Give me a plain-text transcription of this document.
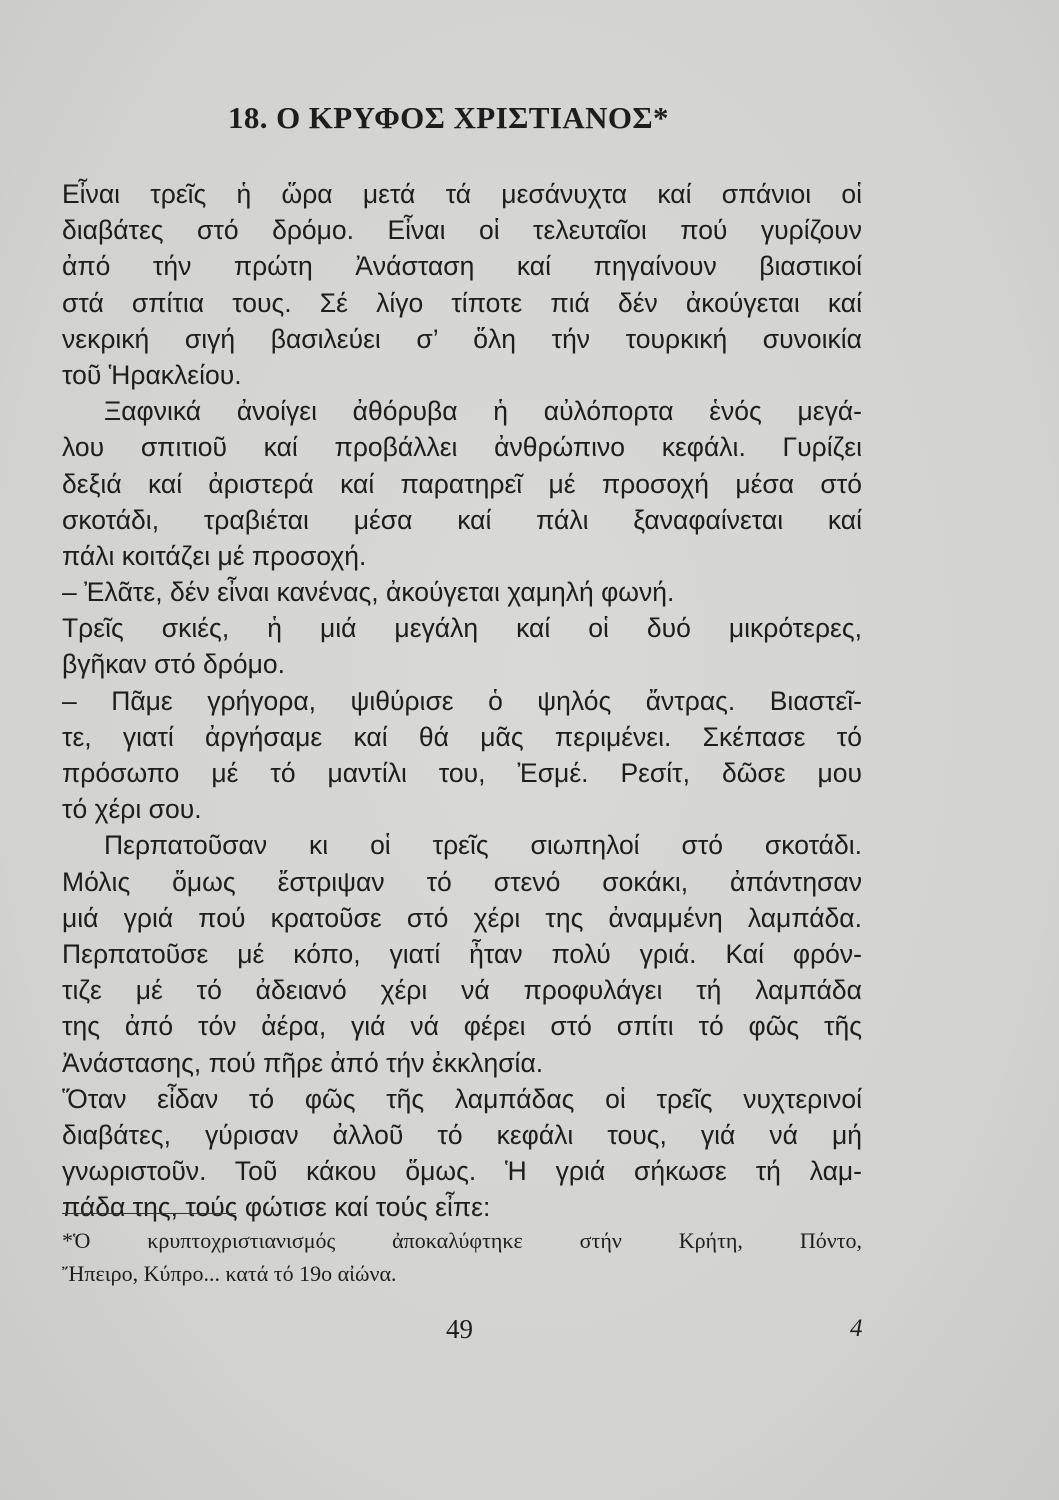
18. Ο ΚΡΥΦΟΣ ΧΡΙΣΤΙΑΝΟΣ*
Εἶναι τρεῖς ἡ ὥρα μετά τά μεσάνυχτα καί σπάνιοι οἱ
διαβάτες στό δρόμο. Εἶναι οἱ τελευταῖοι πού γυρίζουν
ἀπό τήν πρώτη Ἀνάσταση καί πηγαίνουν βιαστικοί
στά σπίτια τους. Σέ λίγο τίποτε πιά δέν ἀκούγεται καί
νεκρική σιγή βασιλεύει σ’ ὅλη τήν τουρκική συνοικία
τοῦ Ἡρακλείου.
Ξαφνικά ἀνοίγει ἀθόρυβα ἡ αὐλόπορτα ἑνός μεγά-
λου σπιτιοῦ καί προβάλλει ἀνθρώπινο κεφάλι. Γυρίζει
δεξιά καί ἀριστερά καί παρατηρεῖ μέ προσοχή μέσα στό
σκοτάδι, τραβιέται μέσα καί πάλι ξαναφαίνεται καί
πάλι κοιτάζει μέ προσοχή.
– Ἐλᾶτε, δέν εἶναι κανένας, ἀκούγεται χαμηλή φωνή.
Τρεῖς σκιές, ἡ μιά μεγάλη καί οἱ δυό μικρότερες,
βγῆκαν στό δρόμο.
– Πᾶμε γρήγορα, ψιθύρισε ὁ ψηλός ἄντρας. Βιαστεῖ-
τε, γιατί ἀργήσαμε καί θά μᾶς περιμένει. Σκέπασε τό
πρόσωπο μέ τό μαντίλι του, Ἐσμέ. Ρεσίτ, δῶσε μου
τό χέρι σου.
Περπατοῦσαν κι οἱ τρεῖς σιωπηλοί στό σκοτάδι.
Μόλις ὅμως ἔστριψαν τό στενό σοκάκι, ἀπάντησαν
μιά γριά πού κρατοῦσε στό χέρι της ἀναμμένη λαμπάδα.
Περπατοῦσε μέ κόπο, γιατί ἦταν πολύ γριά. Καί φρόν-
τιζε μέ τό ἀδειανό χέρι νά προφυλάγει τή λαμπάδα
της ἀπό τόν ἀέρα, γιά νά φέρει στό σπίτι τό φῶς τῆς
Ἀνάστασης, πού πῆρε ἀπό τήν ἐκκλησία.
Ὅταν εἶδαν τό φῶς τῆς λαμπάδας οἱ τρεῖς νυχτερινοί
διαβάτες, γύρισαν ἀλλοῦ τό κεφάλι τους, γιά νά μή
γνωριστοῦν. Τοῦ κάκου ὅμως. Ἡ γριά σήκωσε τή λαμ-
πάδα της, τούς φώτισε καί τούς εἶπε:
*Ὁ κρυπτοχριστιανισμός ἀποκαλύφτηκε στήν Κρήτη, Πόντο,
Ἤπειρο, Κύπρο... κατά τό 19ο αἰώνα.
49	4
